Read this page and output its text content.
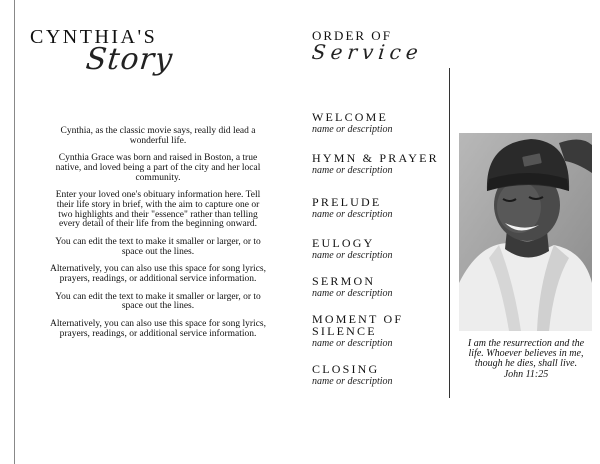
CYNTHIA'S
Story

Cynthia, as the classic movie says, really did lead a wonderful life.

Cynthia Grace was born and raised in Boston, a true native, and loved being a part of the city and her local community.

Enter your loved one's obituary information here. Tell their life story in brief, with the aim to capture one or two highlights and their "essence" rather than telling every detail of their life from the beginning onward.

You can edit the text to make it smaller or larger, or to space out the lines.

Alternatively, you can also use this space for song lyrics, prayers, readings, or additional service information.

You can edit the text to make it smaller or larger, or to space out the lines.

Alternatively, you can also use this space for song lyrics, prayers, readings, or additional service information.

ORDER OF
Service
WELCOME
name or description
HYMN & PRAYER
name or description
PRELUDE
name or description
EULOGY
name or description
SERMON
name or description
MOMENT OF SILENCE
name or description
CLOSING
name or description
I am the resurrection and the life. Whoever believes in me, though he dies, shall live.
John 11:25
